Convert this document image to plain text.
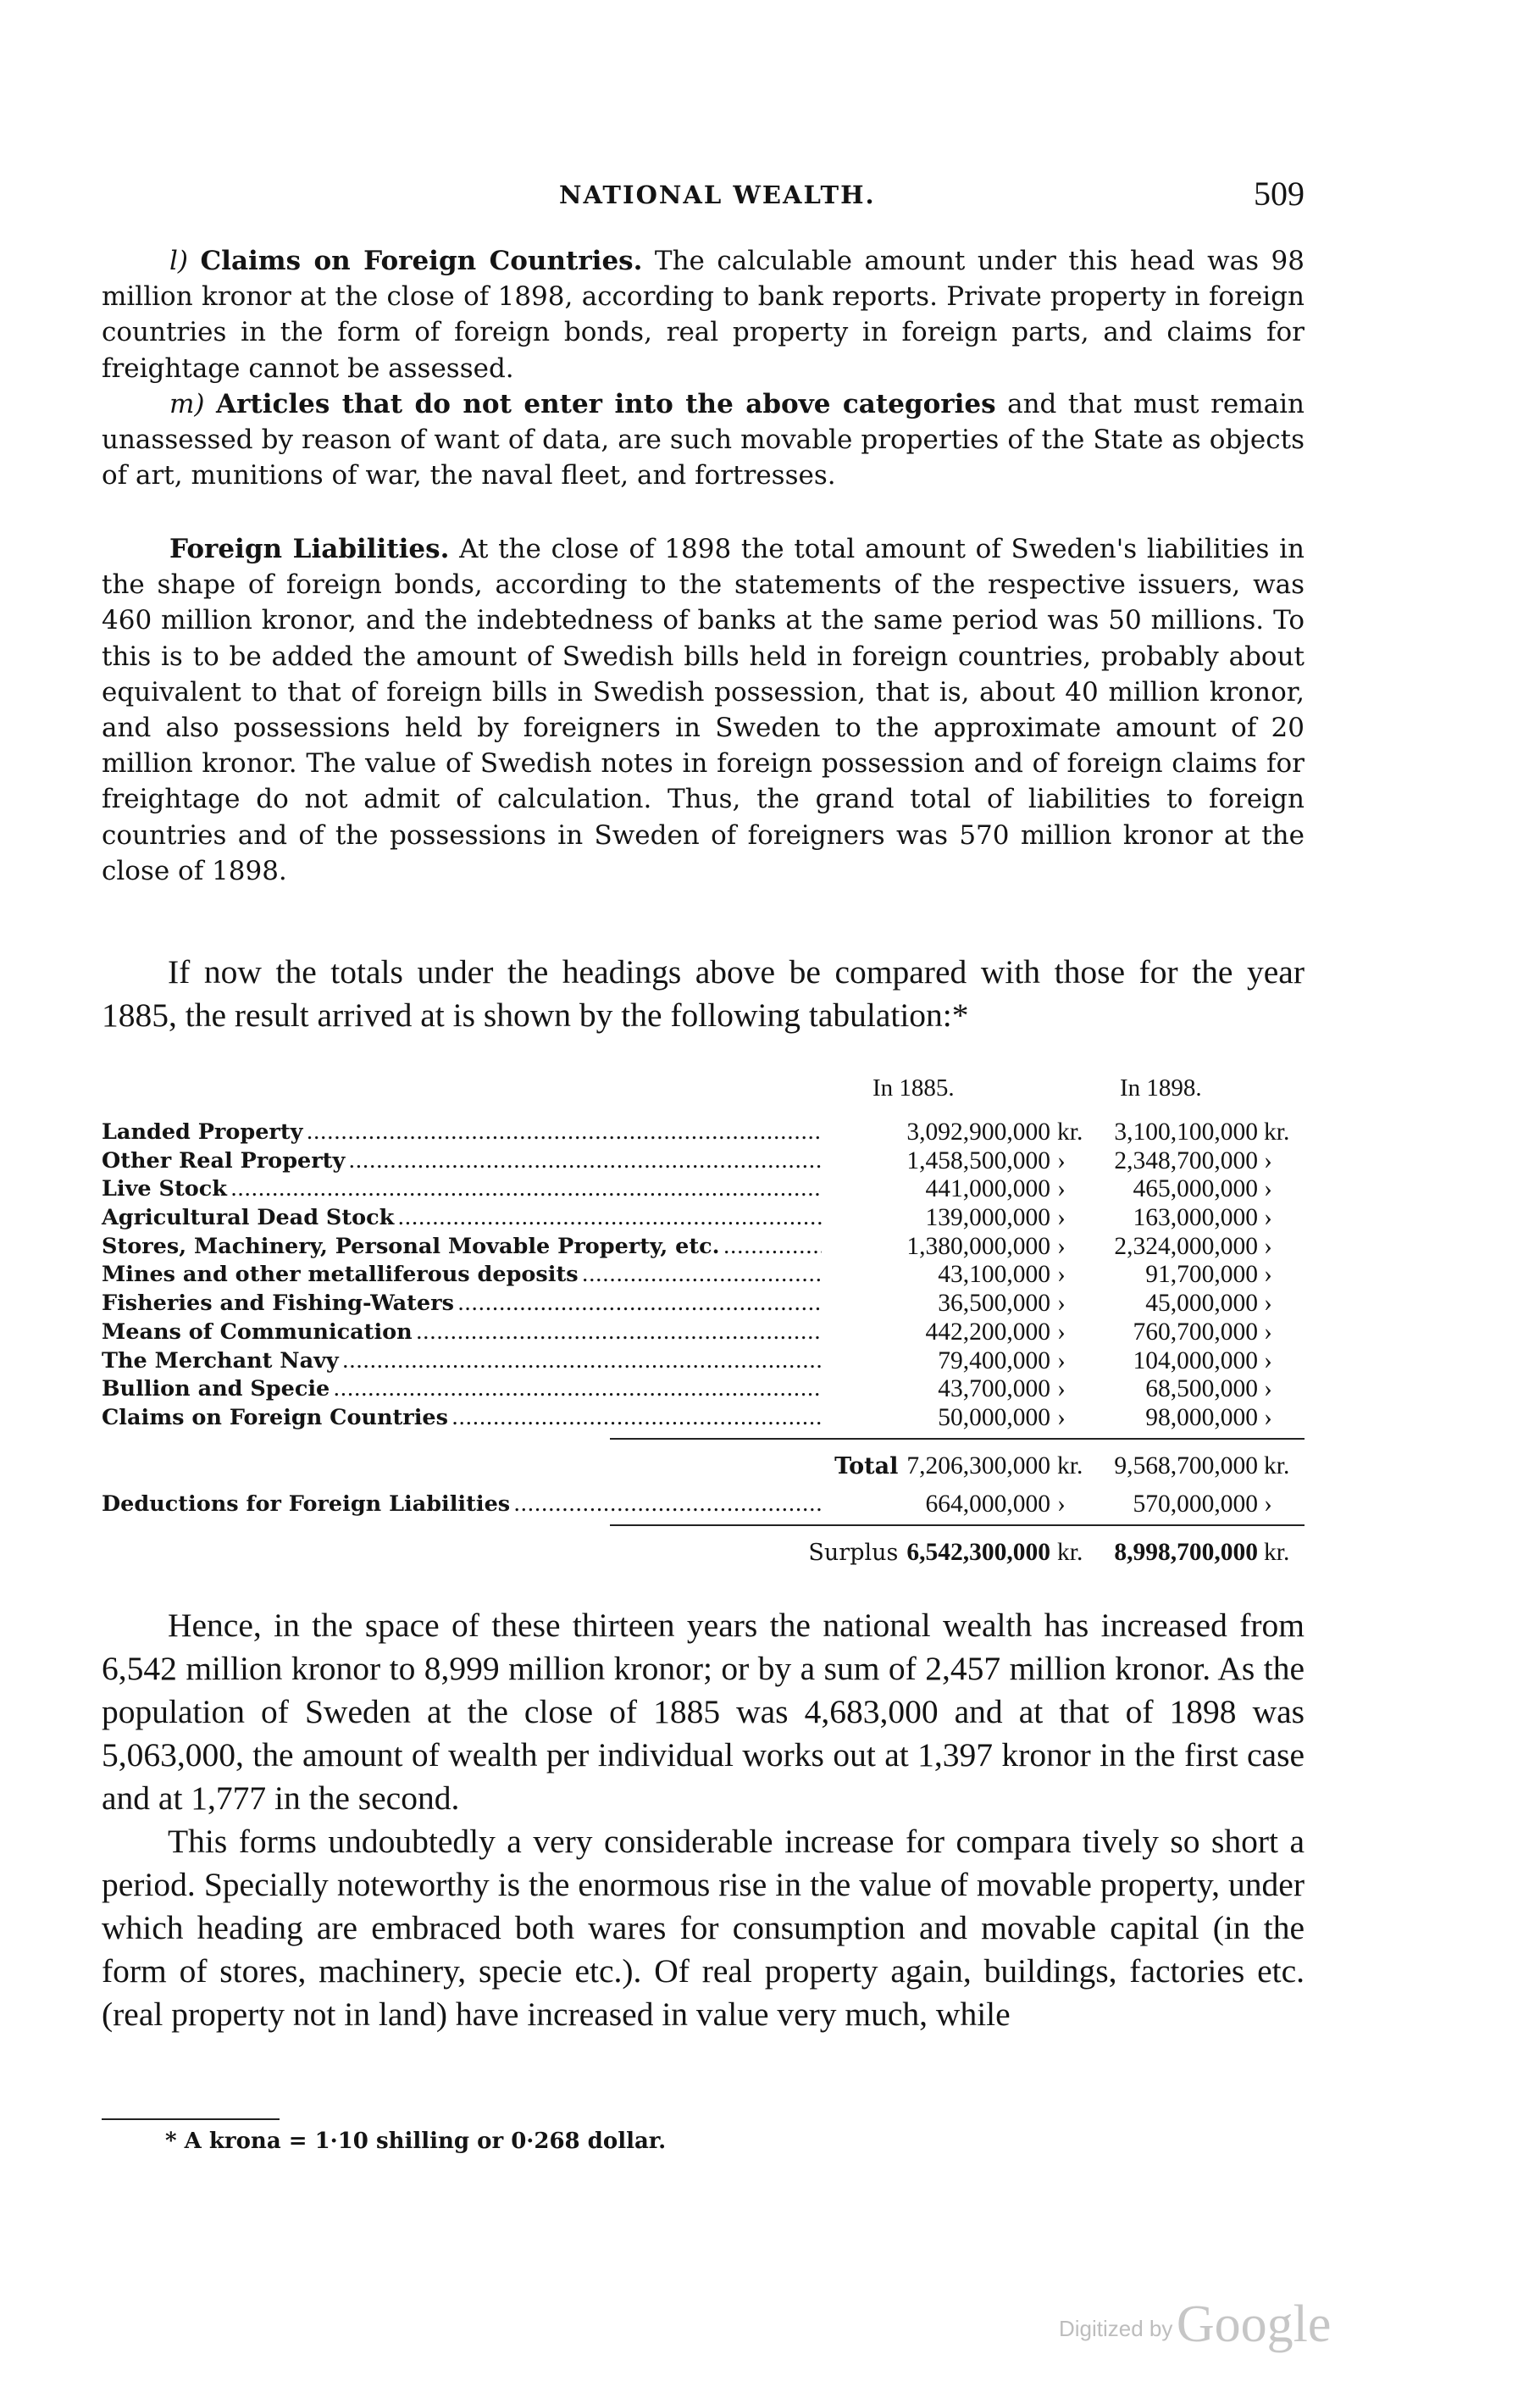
NATIONAL WEALTH.	509

l) Claims on Foreign Countries. The calculable amount under this head was 98 million kronor at the close of 1898, according to bank reports. Private property in foreign countries in the form of foreign bonds, real property in foreign parts, and claims for freightage cannot be assessed.

m) Articles that do not enter into the above categories and that must remain unassessed by reason of want of data, are such movable properties of the State as objects of art, munitions of war, the naval fleet, and fortresses.

Foreign Liabilities. At the close of 1898 the total amount of Sweden's liabilities in the shape of foreign bonds, according to the statements of the respective issuers, was 460 million kronor, and the indebtedness of banks at the same period was 50 millions. To this is to be added the amount of Swedish bills held in foreign countries, probably about equivalent to that of foreign bills in Swedish possession, that is, about 40 million kronor, and also possessions held by foreigners in Sweden to the approximate amount of 20 million kronor. The value of Swedish notes in foreign possession and of foreign claims for freightage do not admit of calculation. Thus, the grand total of liabilities to foreign countries and of the possessions in Sweden of foreigners was 570 million kronor at the close of 1898.

If now the totals under the headings above be compared with those for the year 1885, the result arrived at is shown by the following tabulation:*

In 1885.	In 1898.
Landed Property .....	3,092,900,000 kr. 3,100,100,000 kr.
Other Real Property .....	1,458,500,000 › 2,348,700,000 ›
Live Stock .....	441,000,000 ›	465,000,000 ›
Agricultural Dead Stock .....	139,000,000 ›	163,000,000 ›
Stores, Machinery, Personal Movable Property, etc. .....	1,380,000,000 › 2,324,000,000 ›
Mines and other metalliferous deposits .....	43,100,000 ›	91,700,000 ›
Fisheries and Fishing-Waters .....	36,500,000 ›	45,000,000 ›
Means of Communication .....	442,200,000 ›	760,700,000 ›
The Merchant Navy .....	79,400,000 ›	104,000,000 ›
Bullion and Specie .....	43,700,000 ›	68,500,000 ›
Claims on Foreign Countries .....	50,000,000 ›	98,000,000 ›
Total 7,206,300,000 kr. 9,568,700,000 kr.
Deductions for Foreign Liabilities .....	664,000,000 ›	570,000,000 ›
Surplus 6,542,300,000 kr. 8,998,700,000 kr.

Hence, in the space of these thirteen years the national wealth has increased from 6,542 million kronor to 8,999 million kronor; or by a sum of 2,457 million kronor. As the population of Sweden at the close of 1885 was 4,683,000 and at that of 1898 was 5,063,000, the amount of wealth per individual works out at 1,397 kronor in the first case and at 1,777 in the second.

This forms undoubtedly a very considerable increase for compara tively so short a period. Specially noteworthy is the enormous rise in the value of movable property, under which heading are embraced both wares for consumption and movable capital (in the form of stores, machinery, specie etc.). Of real property again, buildings, factories etc. (real property not in land) have increased in value very much, while

* A krona = 1·10 shilling or 0·268 dollar.
Digitized by Google
